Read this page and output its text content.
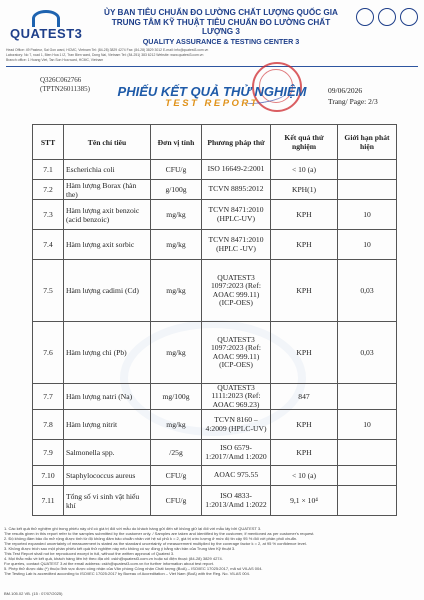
QUATEST3
ỦY BAN TIÊU CHUẨN ĐO LƯỜNG CHẤT LƯỢNG QUỐC GIA
TRUNG TÂM KỸ THUẬT TIÊU CHUẨN ĐO LƯỜNG CHẤT LƯỢNG 3
QUALITY ASSURANCE & TESTING CENTER 3
Head Office: 49 Pasteur, Sai Gon ward, HCMC, Vietnam Tel: (84-28) 3829 4274 Fax: (84-28) 3829 3012 E-mail: info@quatest3.com.vn
Laboratory: No 7, road 1, Bien Hoa 1 IZ, Tran Bien ward, Dong Nai, Vietnam Tel: (84-251) 383 6212 Website: www.quatest3.com.vn
Branch office: 1 Hoang Viet, Tan Son Hoa ward, HCMC, Vietnam
Q326C062766
(TPTN26011385)	PHIẾU KẾT QUẢ THỬ NGHIỆM
TEST REPORT
09/06/2026
Trang/ Page: 2/3
STT	Tên chỉ tiêu	Đơn vị tính	Phương pháp thử	Kết quả thử nghiệm	Giới hạn phát hiện
7.1	Escherichia coli	CFU/g	ISO 16649-2:2001	< 10 (a)	
7.2	Hàm lượng Borax (hàn the)	g/100g	TCVN 8895:2012	KPH(1)	
7.3	Hàm lượng axit benzoic (acid benzoic)	mg/kg	TCVN 8471:2010 (HPLC-UV)	KPH	10
7.4	Hàm lượng axit sorbic	mg/kg	TCVN 8471:2010 (HPLC -UV)	KPH	10
7.5	Hàm lượng cadimi (Cd)	mg/kg	QUATEST3 1097:2023 (Ref: AOAC 999.11) (ICP-OES)	KPH	0,03
7.6	Hàm lượng chì (Pb)	mg/kg	QUATEST3 1097:2023 (Ref: AOAC 999.11) (ICP-OES)	KPH	0,03
7.7	Hàm lượng natri (Na)	mg/100g	QUATEST3 1111:2023 (Ref: AOAC 969.23)	847	
7.8	Hàm lượng nitrit	mg/kg	TCVN 8160 – 4:2009 (HPLC-UV)	KPH	10
7.9	Salmonella spp.	/25g	ISO 6579-1:2017/Amd 1:2020	KPH	
7.10	Staphylococcus aureus	CFU/g	AOAC 975.55	< 10 (a)	
7.11	Tổng số vi sinh vật hiếu khí	CFU/g	ISO 4833-1:2013/Amd 1:2022	9,1 × 10⁴	
1. Các kết quả thử nghiệm ghi trong phiếu này chỉ có giá trị đối với mẫu do khách hàng gửi đến sẽ không giữ lại đối với mẫu lấy bởi QUATEST 3.
The results given in this report refer to the samples submitted by the customer only. / Samples are taken and identified by the customer, if mentioned as per customer's request.
2. Độ không đảm bảo đo mở rộng được tính từ độ không đảm bảo chuẩn nhân với hệ số phủ k = 2, giá trị ước lượng ở mức độ tin cậy 95 % đối với phân phối chuẩn.
The reported expanded uncertainty of measurement is stated as the standard uncertainty of measurement multiplied by the coverage factor k = 2, at 95 % confidence level.
3. Không được trích sao một phần phiếu kết quả thử nghiệm này nếu không có sự đồng ý bằng văn bản của Trung tâm Kỹ thuật 3.
This Test Report shall not be reproduced except in full, without the written approval of Quatest 3.
4. Mọi thắc mắc về kết quả, khách hàng liên hệ theo địa chỉ: cskh@quatest3.com.vn hoặc số điện thoại: (84-28) 3829 4274.
For queries, contact QUATEST 3 at the email address: cskh@quatest3.com.vn for further information about test report.
5. Phép thử được dấu (*) thuộc lĩnh vực được công nhận của Văn phòng Công nhận Chất lượng (BoA) – ISO/IEC 17025:2017, mã số VILAS 004.
The Testing Lab is accredited according to ISO/IEC 17025:2017 by Bureau of Accreditation – Viet Nam (BoA) with the Reg. No. VILAS 004.
BM.105.02 VB. (15 : 07/07/2025)
